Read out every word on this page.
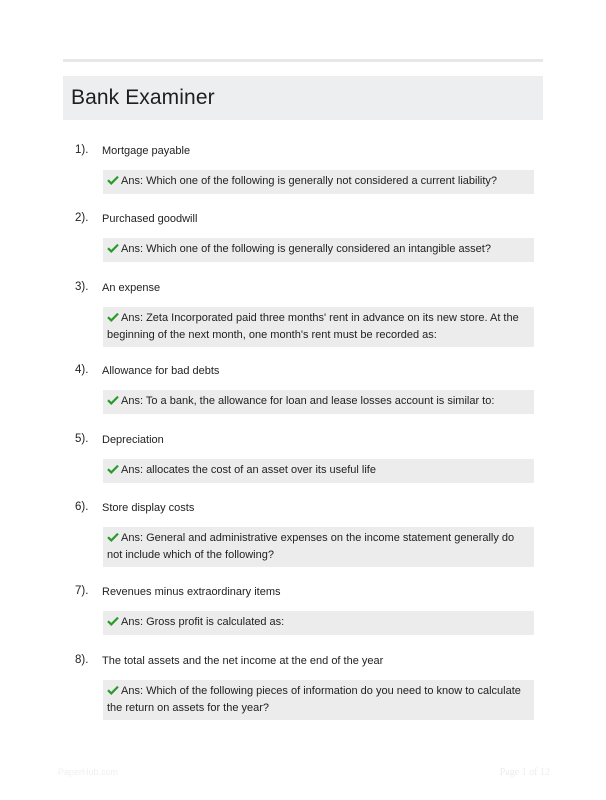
Bank Examiner
1). Mortgage payable
Ans: Which one of the following is generally not considered a current liability?
2). Purchased goodwill
Ans: Which one of the following is generally considered an intangible asset?
3). An expense
Ans: Zeta Incorporated paid three months' rent in advance on its new store. At the beginning of the next month, one month's rent must be recorded as:
4). Allowance for bad debts
Ans: To a bank, the allowance for loan and lease losses account is similar to:
5). Depreciation
Ans: allocates the cost of an asset over its useful life
6). Store display costs
Ans: General and administrative expenses on the income statement generally do not include which of the following?
7). Revenues minus extraordinary items
Ans: Gross profit is calculated as:
8). The total assets and the net income at the end of the year
Ans: Which of the following pieces of information do you need to know to calculate the return on assets for the year?
PaperHub.com	Page 1 of 12
